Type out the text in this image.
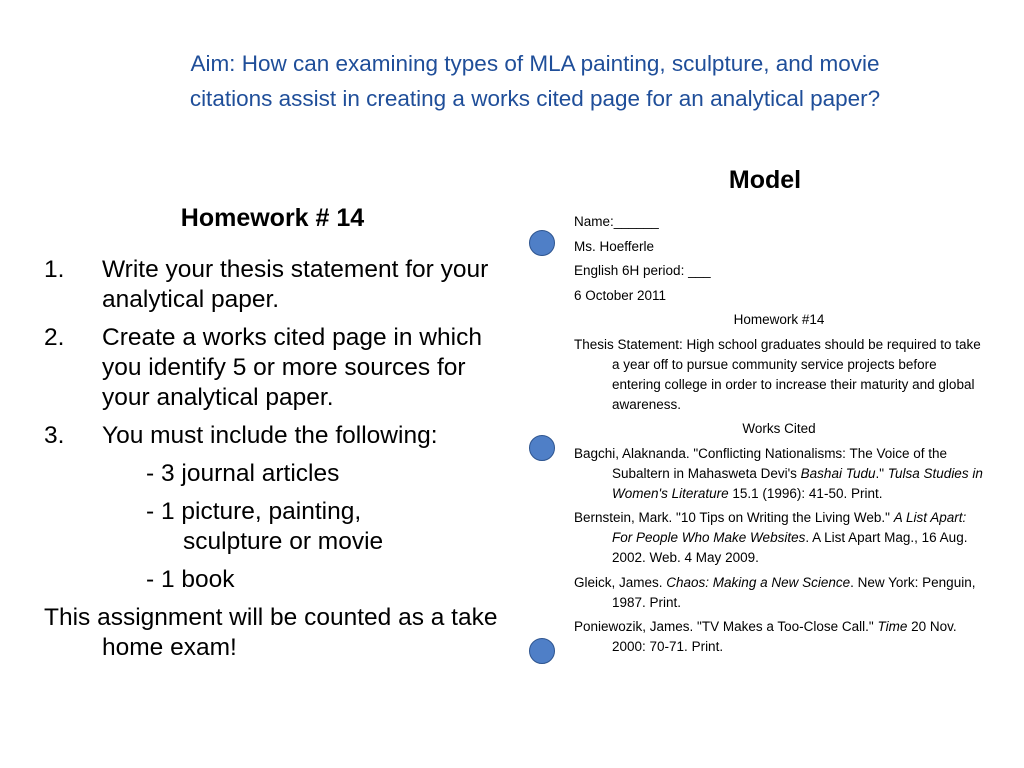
Aim: How can examining types of MLA painting, sculpture, and movie
citations assist in creating a works cited page for an analytical paper?
Homework # 14
1. Write your thesis statement for your analytical paper.
2. Create a works cited page in which you identify 5 or more sources for your analytical paper.
3. You must include the following:
- 3 journal articles
- 1 picture, painting,
sculpture or movie
- 1 book
This assignment will be counted as a take home exam!
Model

Name:______

Ms. Hoefferle

English 6H period: ___

6 October 2011

Homework #14

Thesis Statement: High school graduates should be required to take a year off to pursue community service projects before entering college in order to increase their maturity and global awareness.

Works Cited

Bagchi, Alaknanda. "Conflicting Nationalisms: The Voice of the Subaltern in Mahasweta Devi's Bashai Tudu." Tulsa Studies in Women's Literature 15.1 (1996): 41-50. Print.

Bernstein, Mark. "10 Tips on Writing the Living Web." A List Apart: For People Who Make Websites. A List Apart Mag., 16 Aug. 2002. Web. 4 May 2009.

Gleick, James. Chaos: Making a New Science. New York: Penguin, 1987. Print.

Poniewozik, James. "TV Makes a Too-Close Call." Time 20 Nov. 2000: 70-71. Print.
